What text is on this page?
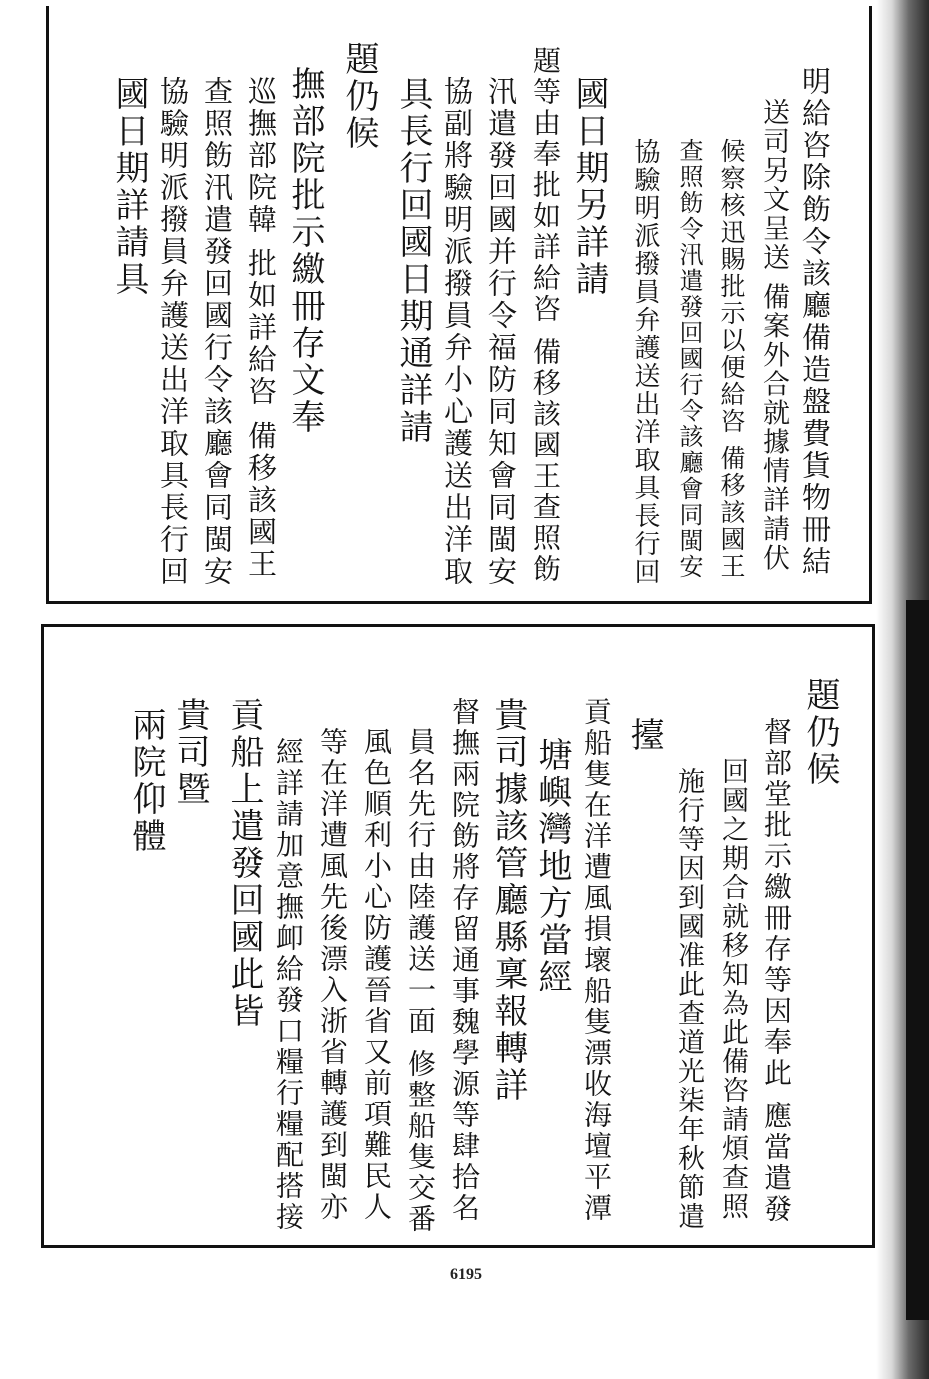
明給咨除飭令該廳備造盤費貨物冊結
送司另文呈送 備案外合就據情詳請伏
候察核迅賜批示以便給咨 備移該國王
查照飭令汛遣發回國行令該廳會同閩安
協驗明派撥員弁護送出洋取具長行回
國日期另詳請
題等由奉批如詳給咨 備移該國王查照飭
汛遣發回國并行令福防同知會同閩安
協副將驗明派撥員弁小心護送出洋取
具長行回國日期通詳請
題仍候
撫部院批示繳冊存文奉
巡撫部院韓 批如詳給咨 備移該國王
查照飭汛遣發回國行令該廳會同閩安
協驗明派撥員弁護送出洋取具長行回
國日期詳請具
題仍候
督部堂批示繳冊存等因奉此 應當遣發
回國之期合就移知為此備咨請煩查照
施行等因到國准此查道光柒年秋節遣
擡
貢船隻在洋遭風損壞船隻漂收海壇平潭
塘嶼灣地方當經
貴司據該管廳縣稟報轉詳
督撫兩院飭將存留通事魏學源等肆拾名
員名先行由陸護送一面 修整船隻交番
風色順利小心防護晉省又前項難民人
等在洋遭風先後漂入浙省轉護到閩亦
經詳請加意撫卹給發口糧行糧配搭接
貢船上遣發回國此皆
貴司暨
兩院仰體
6195
